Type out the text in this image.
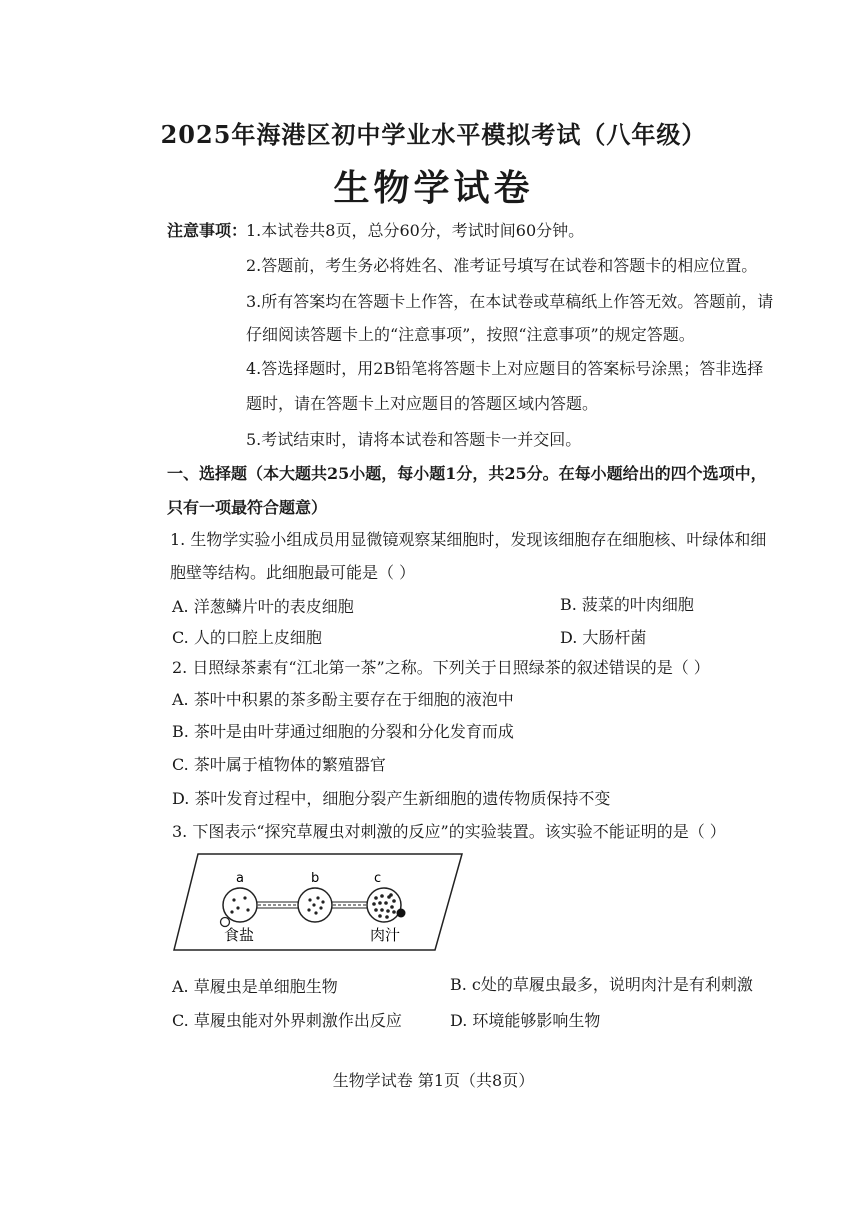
2025年海港区初中学业水平模拟考试（八年级）
生物学试卷
注意事项：
1.本试卷共8页，总分60分，考试时间60分钟。
2.答题前，考生务必将姓名、准考证号填写在试卷和答题卡的相应位置。
3.所有答案均在答题卡上作答，在本试卷或草稿纸上作答无效。答题前，请
仔细阅读答题卡上的“注意事项”，按照“注意事项”的规定答题。
4.答选择题时，用2B铅笔将答题卡上对应题目的答案标号涂黑；答非选择
题时，请在答题卡上对应题目的答题区域内答题。
5.考试结束时，请将本试卷和答题卡一并交回。
一、选择题（本大题共25小题，每小题1分，共25分。在每小题给出的四个选项中，
只有一项最符合题意）
1. 生物学实验小组成员用显微镜观察某细胞时，发现该细胞存在细胞核、叶绿体和细
胞壁等结构。此细胞最可能是（ ）
A. 洋葱鳞片叶的表皮细胞	B. 菠菜的叶肉细胞
C. 人的口腔上皮细胞	D. 大肠杆菌
2. 日照绿茶素有“江北第一茶”之称。下列关于日照绿茶的叙述错误的是（ ）
A. 茶叶中积累的茶多酚主要存在于细胞的液泡中
B. 茶叶是由叶芽通过细胞的分裂和分化发育而成
C. 茶叶属于植物体的繁殖器官
D. 茶叶发育过程中，细胞分裂产生新细胞的遗传物质保持不变
3. 下图表示“探究草履虫对刺激的反应”的实验装置。该实验不能证明的是（ ）
a	b	c
食盐	肉汁
A. 草履虫是单细胞生物	B. c处的草履虫最多，说明肉汁是有利刺激
C. 草履虫能对外界刺激作出反应	D. 环境能够影响生物
生物学试卷 第1页（共8页）
